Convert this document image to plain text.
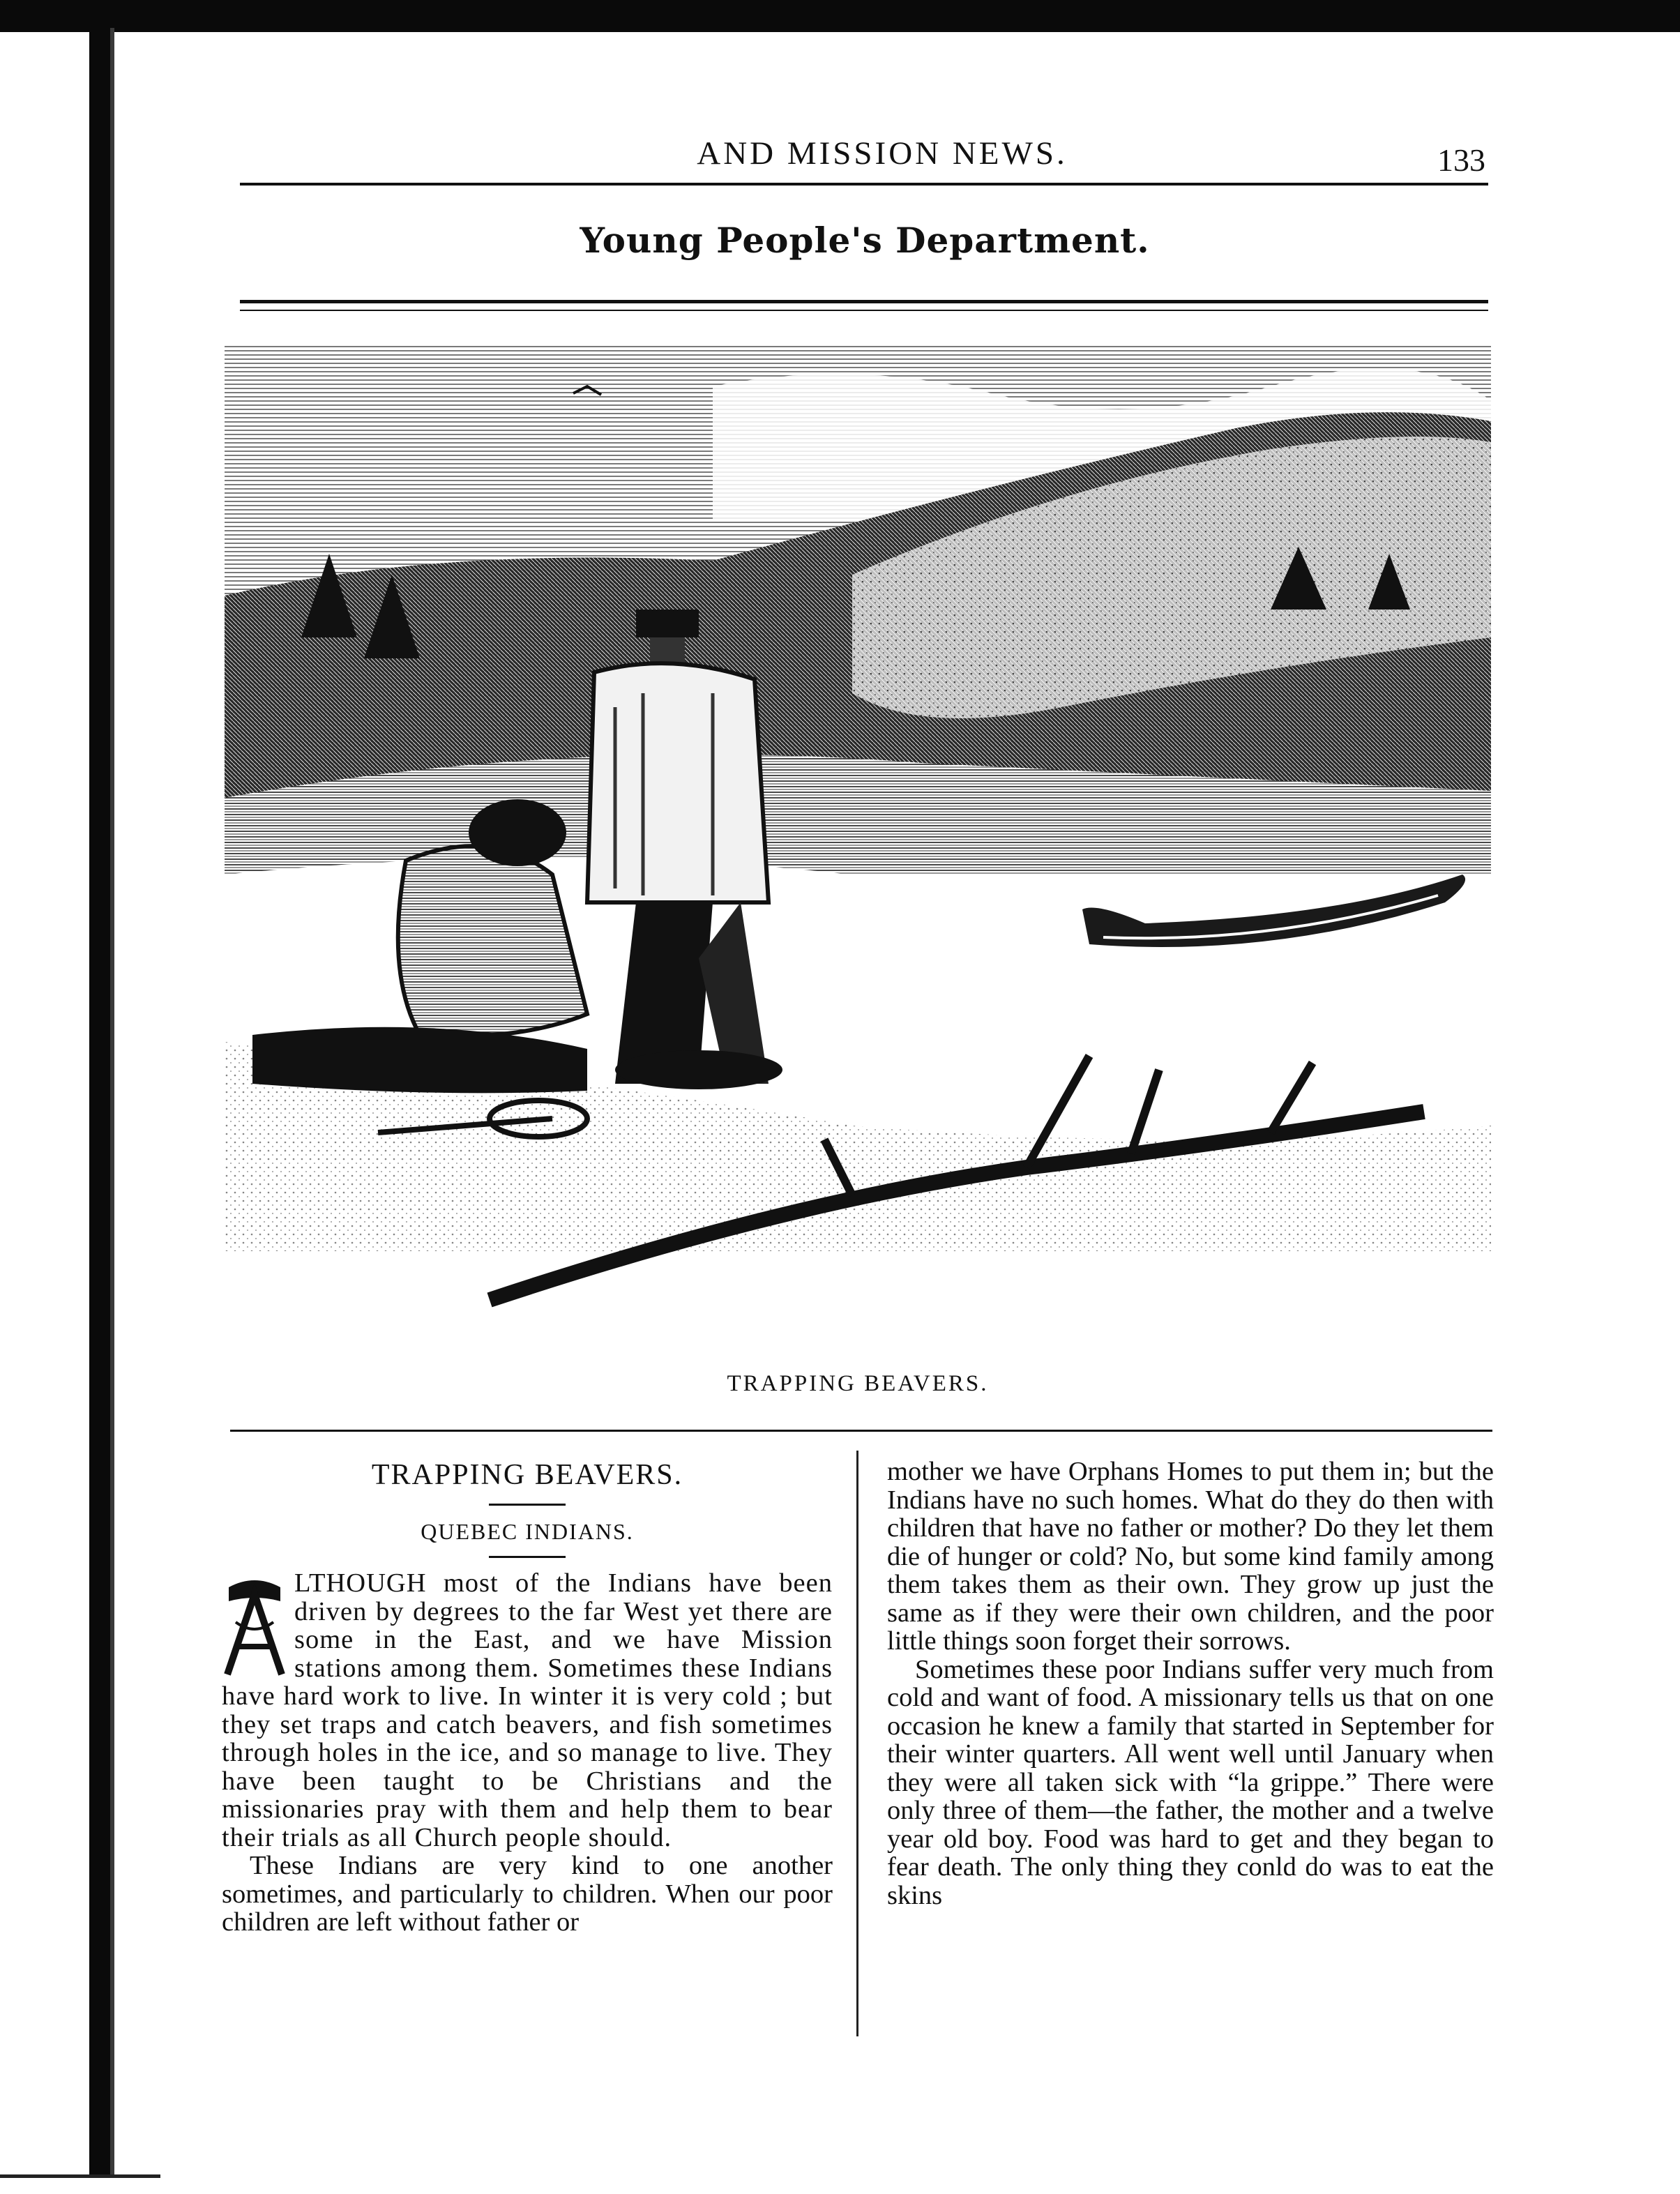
AND MISSION NEWS.	133
Young People's Department.
TRAPPING BEAVERS.
TRAPPING BEAVERS.
QUEBEC INDIANS.

A
LTHOUGH most of the Indians have been driven by degrees to the far West yet there are some in the East, and we have Mission stations among them. Sometimes these Indians have hard work to live. In winter it is very cold ; but they set traps and catch beavers, and fish sometimes through holes in the ice, and so manage to live. They have been taught to be Christians and the missionaries pray with them and help them to bear their trials as all Church people should.

These Indians are very kind to one another sometimes, and particularly to children. When our poor children are left without father or

mother we have Orphans Homes to put them in; but the Indians have no such homes. What do they do then with children that have no father or mother? Do they let them die of hunger or cold? No, but some kind family among them takes them as their own. They grow up just the same as if they were their own children, and the poor little things soon forget their sorrows.

Sometimes these poor Indians suffer very much from cold and want of food. A missionary tells us that on one occasion he knew a family that started in September for their winter quarters. All went well until January when they were all taken sick with “la grippe.” There were only three of them—the father, the mother and a twelve year old boy. Food was hard to get and they began to fear death. The only thing they conld do was to eat the skins
